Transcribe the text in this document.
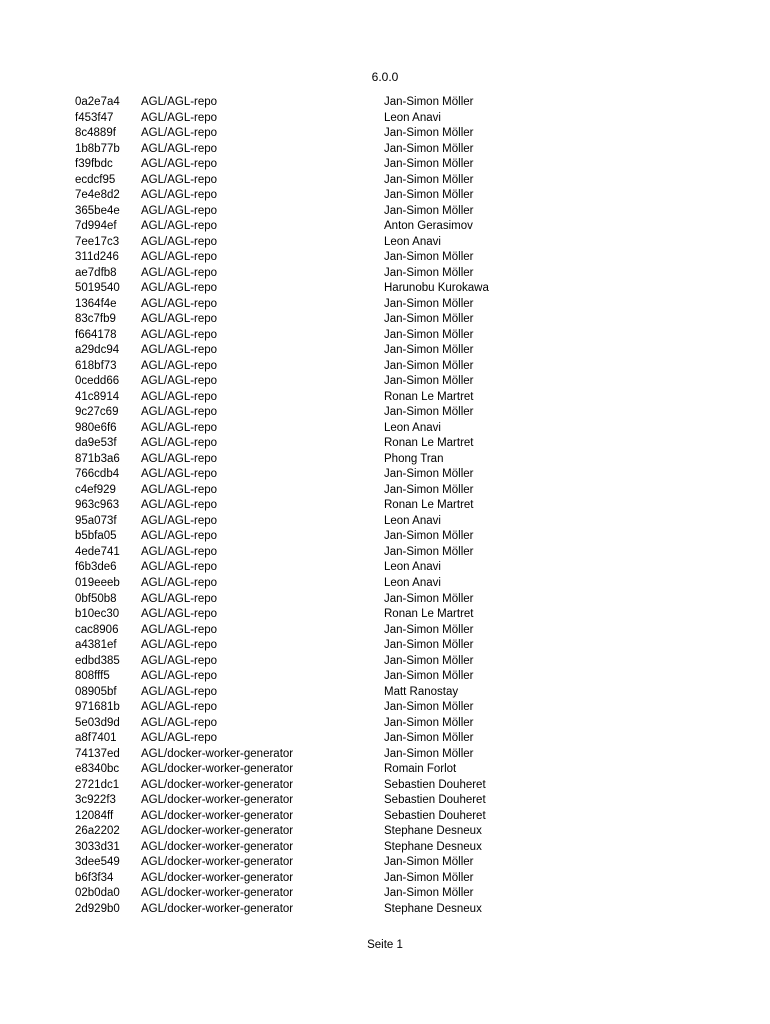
6.0.0
0a2e7a4 AGL/AGL-repo	Jan-Simon Möller
f453f47 AGL/AGL-repo	Leon Anavi
8c4889f AGL/AGL-repo	Jan-Simon Möller
1b8b77b AGL/AGL-repo	Jan-Simon Möller
f39fbdc AGL/AGL-repo	Jan-Simon Möller
ecdcf95 AGL/AGL-repo	Jan-Simon Möller
7e4e8d2 AGL/AGL-repo	Jan-Simon Möller
365be4e AGL/AGL-repo	Jan-Simon Möller
7d994ef AGL/AGL-repo	Anton Gerasimov
7ee17c3 AGL/AGL-repo	Leon Anavi
311d246 AGL/AGL-repo	Jan-Simon Möller
ae7dfb8 AGL/AGL-repo	Jan-Simon Möller
5019540 AGL/AGL-repo	Harunobu Kurokawa
1364f4e AGL/AGL-repo	Jan-Simon Möller
83c7fb9 AGL/AGL-repo	Jan-Simon Möller
f664178 AGL/AGL-repo	Jan-Simon Möller
a29dc94 AGL/AGL-repo	Jan-Simon Möller
618bf73 AGL/AGL-repo	Jan-Simon Möller
0cedd66 AGL/AGL-repo	Jan-Simon Möller
41c8914 AGL/AGL-repo	Ronan Le Martret
9c27c69 AGL/AGL-repo	Jan-Simon Möller
980e6f6 AGL/AGL-repo	Leon Anavi
da9e53f AGL/AGL-repo	Ronan Le Martret
871b3a6 AGL/AGL-repo	Phong Tran
766cdb4 AGL/AGL-repo	Jan-Simon Möller
c4ef929 AGL/AGL-repo	Jan-Simon Möller
963c963 AGL/AGL-repo	Ronan Le Martret
95a073f AGL/AGL-repo	Leon Anavi
b5bfa05 AGL/AGL-repo	Jan-Simon Möller
4ede741 AGL/AGL-repo	Jan-Simon Möller
f6b3de6 AGL/AGL-repo	Leon Anavi
019eeeb AGL/AGL-repo	Leon Anavi
0bf50b8 AGL/AGL-repo	Jan-Simon Möller
b10ec30 AGL/AGL-repo	Ronan Le Martret
cac8906 AGL/AGL-repo	Jan-Simon Möller
a4381ef AGL/AGL-repo	Jan-Simon Möller
edbd385 AGL/AGL-repo	Jan-Simon Möller
808fff5	AGL/AGL-repo	Jan-Simon Möller
08905bf AGL/AGL-repo	Matt Ranostay
971681b AGL/AGL-repo	Jan-Simon Möller
5e03d9d AGL/AGL-repo	Jan-Simon Möller
a8f7401 AGL/AGL-repo	Jan-Simon Möller
74137ed AGL/docker-worker-generator	Jan-Simon Möller
e8340bc AGL/docker-worker-generator	Romain Forlot
2721dc1 AGL/docker-worker-generator	Sebastien Douheret
3c922f3 AGL/docker-worker-generator	Sebastien Douheret
12084ff AGL/docker-worker-generator	Sebastien Douheret
26a2202 AGL/docker-worker-generator	Stephane Desneux
3033d31 AGL/docker-worker-generator	Stephane Desneux
3dee549 AGL/docker-worker-generator	Jan-Simon Möller
b6f3f34 AGL/docker-worker-generator	Jan-Simon Möller
02b0da0 AGL/docker-worker-generator	Jan-Simon Möller
2d929b0 AGL/docker-worker-generator	Stephane Desneux
Seite 1
